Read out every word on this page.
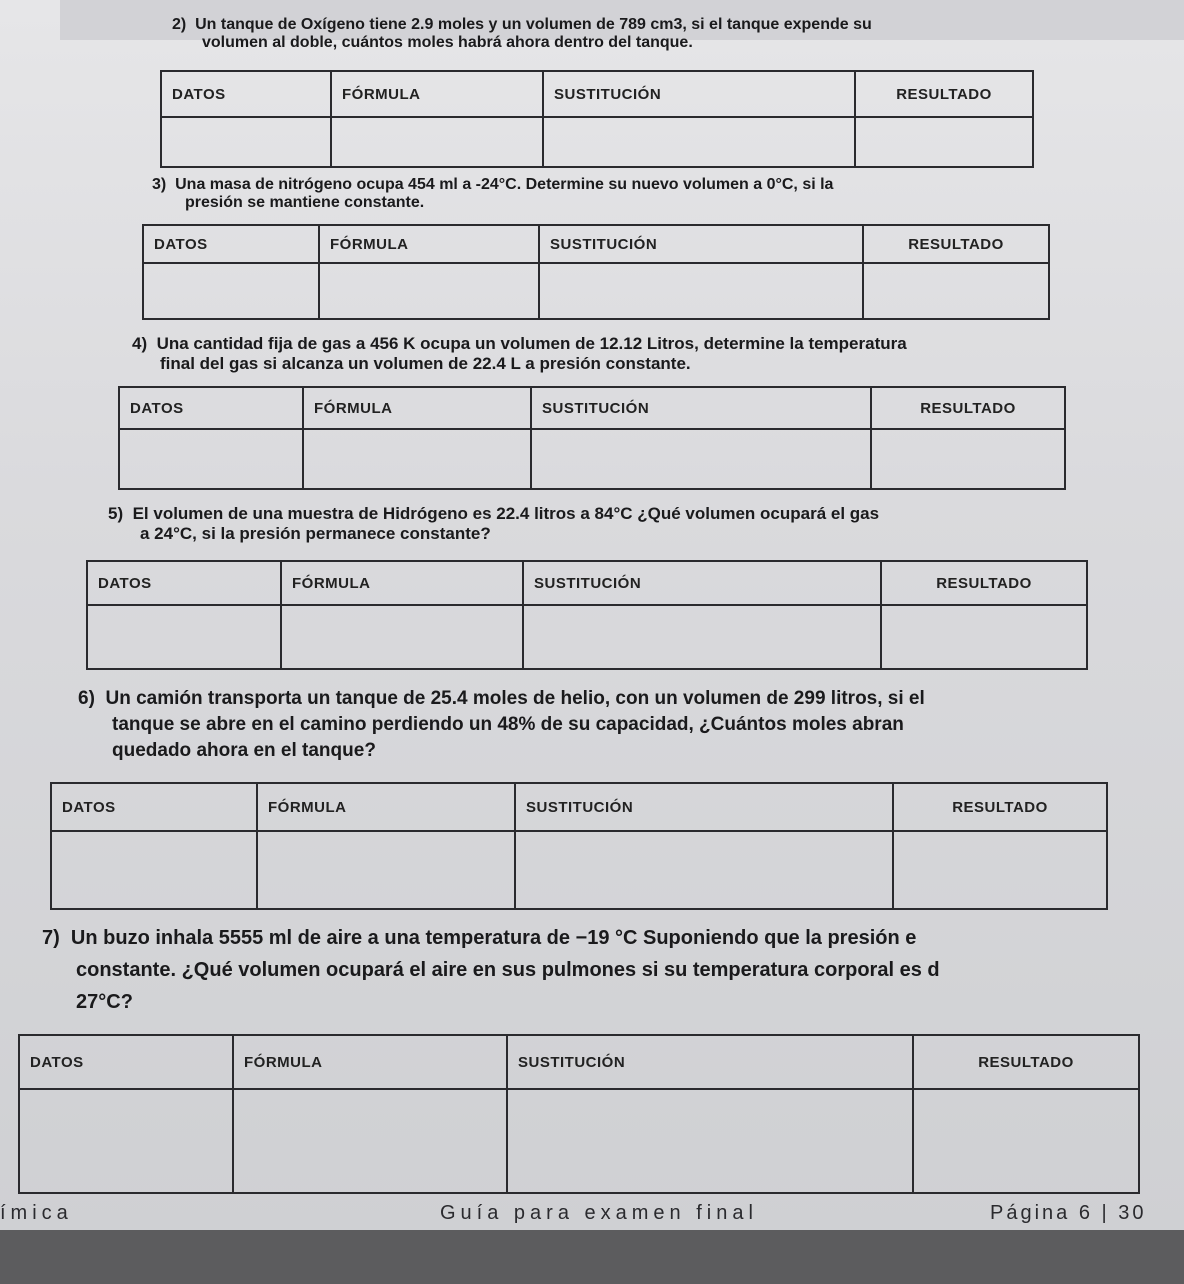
2) Un tanque de Oxígeno tiene 2.9 moles y un volumen de 789 cm3, si el tanque expende su
volumen al doble, cuántos moles habrá ahora dentro del tanque.
DATOS	FÓRMULA	SUSTITUCIÓN	RESULTADO

3) Una masa de nitrógeno ocupa 454 ml a -24°C. Determine su nuevo volumen a 0°C, si la
presión se mantiene constante.
DATOS	FÓRMULA	SUSTITUCIÓN	RESULTADO

4) Una cantidad fija de gas a 456 K ocupa un volumen de 12.12 Litros, determine la temperatura
final del gas si alcanza un volumen de 22.4 L a presión constante.
DATOS	FÓRMULA	SUSTITUCIÓN	RESULTADO

5) El volumen de una muestra de Hidrógeno es 22.4 litros a 84°C ¿Qué volumen ocupará el gas
a 24°C, si la presión permanece constante?
DATOS	FÓRMULA	SUSTITUCIÓN	RESULTADO

6) Un camión transporta un tanque de 25.4 moles de helio, con un volumen de 299 litros, si el
tanque se abre en el camino perdiendo un 48% de su capacidad, ¿Cuántos moles abran
quedado ahora en el tanque?
DATOS	FÓRMULA	SUSTITUCIÓN	RESULTADO

7) Un buzo inhala 5555 ml de aire a una temperatura de −19 °C Suponiendo que la presión e
constante. ¿Qué volumen ocupará el aire en sus pulmones si su temperatura corporal es d
27°C?
DATOS	FÓRMULA	SUSTITUCIÓN	RESULTADO

ímica	Guía para examen final	Página 6 | 30
